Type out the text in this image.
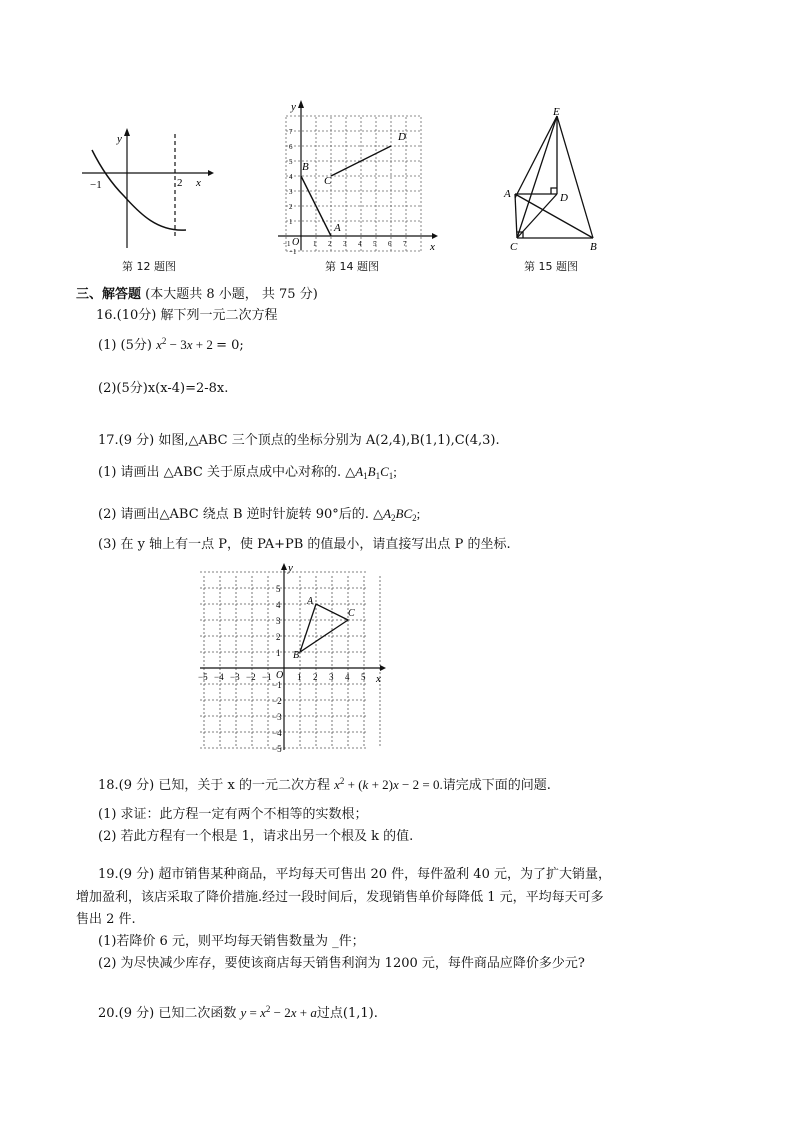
y
x
−1	2
第 12 题图
−1	1 2 3 4 5 6 7
1
2
3
4
5
6
7
−1
y
x
O
A
B
C
D
第 14 题图
E
A	D
C	B
第 15 题图
三、解答题 (本大题共 8 小题， 共 75 分)
16.(10分) 解下列一元二次方程
(1) (5分) $x^2 - 3x + 2 = 0$;
(2)(5分)x(x-4)=2-8x.
17.(9 分) 如图,△ABC 三个顶点的坐标分别为 A(2,4),B(1,1),C(4,3).
(1) 请画出 △ABC 关于原点成中心对称的. $\triangle A_1B_1C_1$;
(2) 请画出△ABC 绕点 B 逆时针旋转 90°后的. $\triangle A_2BC_2$;
(3) 在 y 轴上有一点 P，使 PA+PB 的值最小，请直接写出点 P 的坐标.
−5 −4 −3 −2 −1	1 2 3 4 5
5
4
3
2
1
−1
−2
−3
−4
−5
y
x
O
A
B
C
18.(9 分) 已知，关于 x 的一元二次方程 $x^2 + (k + 2)x - 2 = 0$.请完成下面的问题.
(1) 求证：此方程一定有两个不相等的实数根；
(2) 若此方程有一个根是 1，请求出另一个根及 k 的值.
19.(9 分) 超市销售某种商品，平均每天可售出 20 件，每件盈利 40 元，为了扩大销量，
增加盈利，该店采取了降价措施.经过一段时间后，发现销售单价每降低 1 元，平均每天可多
售出 2 件.
(1)若降价 6 元，则平均每天销售数量为 _件；
(2) 为尽快减少库存，要使该商店每天销售利润为 1200 元，每件商品应降价多少元?
20.(9 分) 已知二次函数 $y = x^2 - 2x + a$过点(1,1).
